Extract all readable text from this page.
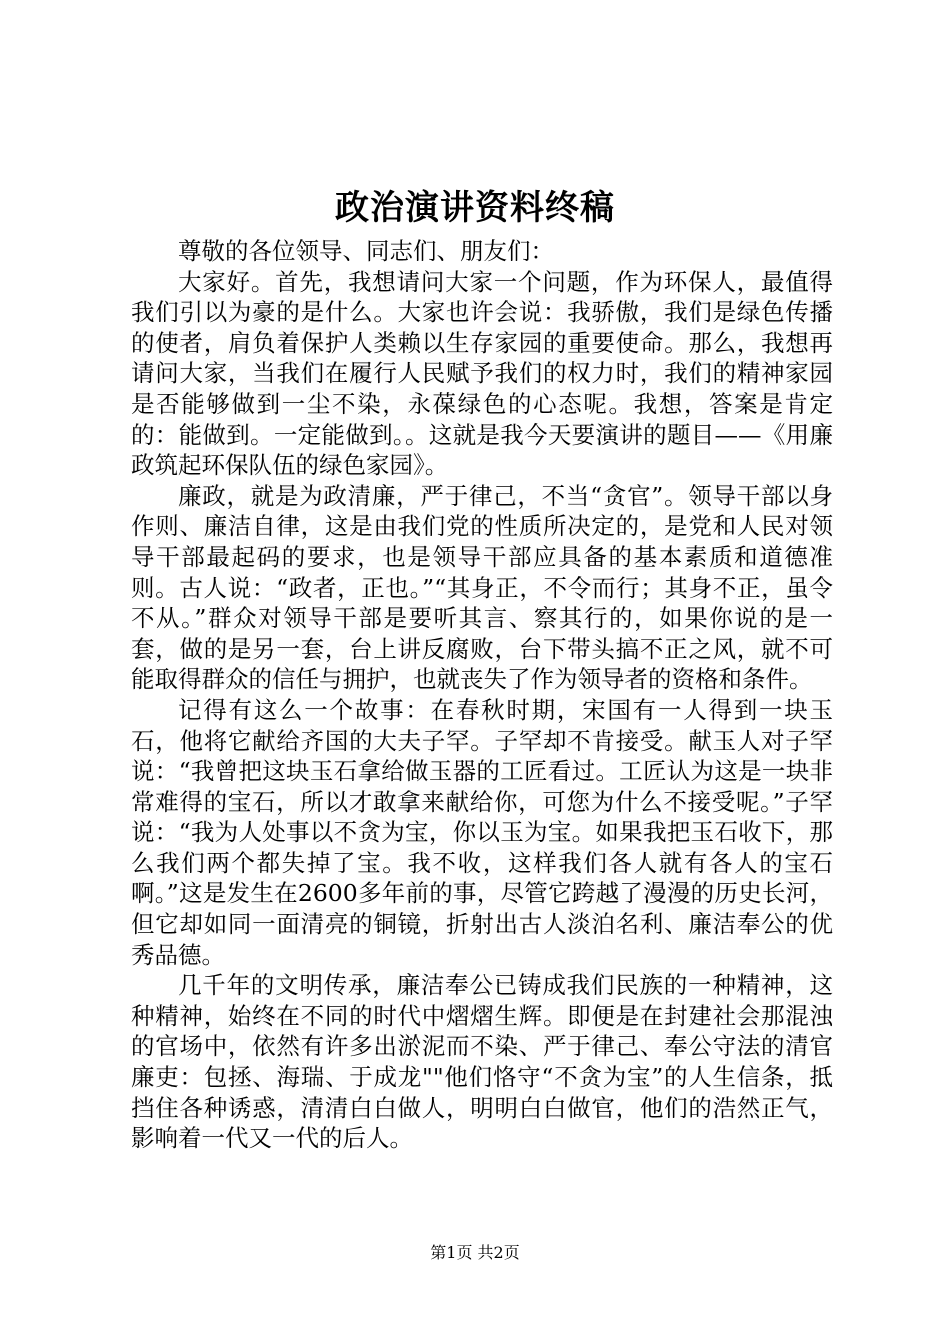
政治演讲资料终稿

尊敬的各位领导、同志们、朋友们：

大家好。首先，我想请问大家一个问题，作为环保人，最值得我们引以为豪的是什么。大家也许会说：我骄傲，我们是绿色传播的使者，肩负着保护人类赖以生存家园的重要使命。那么，我想再请问大家，当我们在履行人民赋予我们的权力时，我们的精神家园是否能够做到一尘不染，永葆绿色的心态呢。我想，答案是肯定的：能做到。一定能做到。。这就是我今天要演讲的题目——《用廉政筑起环保队伍的绿色家园》。

廉政，就是为政清廉，严于律己，不当“贪官”。领导干部以身作则、廉洁自律，这是由我们党的性质所决定的，是党和人民对领导干部最起码的要求，也是领导干部应具备的基本素质和道德准则。古人说：“政者，正也。”“其身正，不令而行；其身不正，虽令不从。”群众对领导干部是要听其言、察其行的，如果你说的是一套，做的是另一套，台上讲反腐败，台下带头搞不正之风，就不可能取得群众的信任与拥护，也就丧失了作为领导者的资格和条件。

记得有这么一个故事：在春秋时期，宋国有一人得到一块玉石，他将它献给齐国的大夫子罕。子罕却不肯接受。献玉人对子罕说：“我曾把这块玉石拿给做玉器的工匠看过。工匠认为这是一块非常难得的宝石，所以才敢拿来献给你，可您为什么不接受呢。”子罕说：“我为人处事以不贪为宝，你以玉为宝。如果我把玉石收下，那么我们两个都失掉了宝。我不收，这样我们各人就有各人的宝石啊。”这是发生在2600多年前的事，尽管它跨越了漫漫的历史长河，但它却如同一面清亮的铜镜，折射出古人淡泊名利、廉洁奉公的优秀品德。

几千年的文明传承，廉洁奉公已铸成我们民族的一种精神，这种精神，始终在不同的时代中熠熠生辉。即便是在封建社会那混浊的官场中，依然有许多出淤泥而不染、严于律己、奉公守法的清官廉吏：包拯、海瑞、于成龙""他们恪守“不贪为宝”的人生信条，抵挡住各种诱惑，清清白白做人，明明白白做官，他们的浩然正气，影响着一代又一代的后人。

第1页 共2页
